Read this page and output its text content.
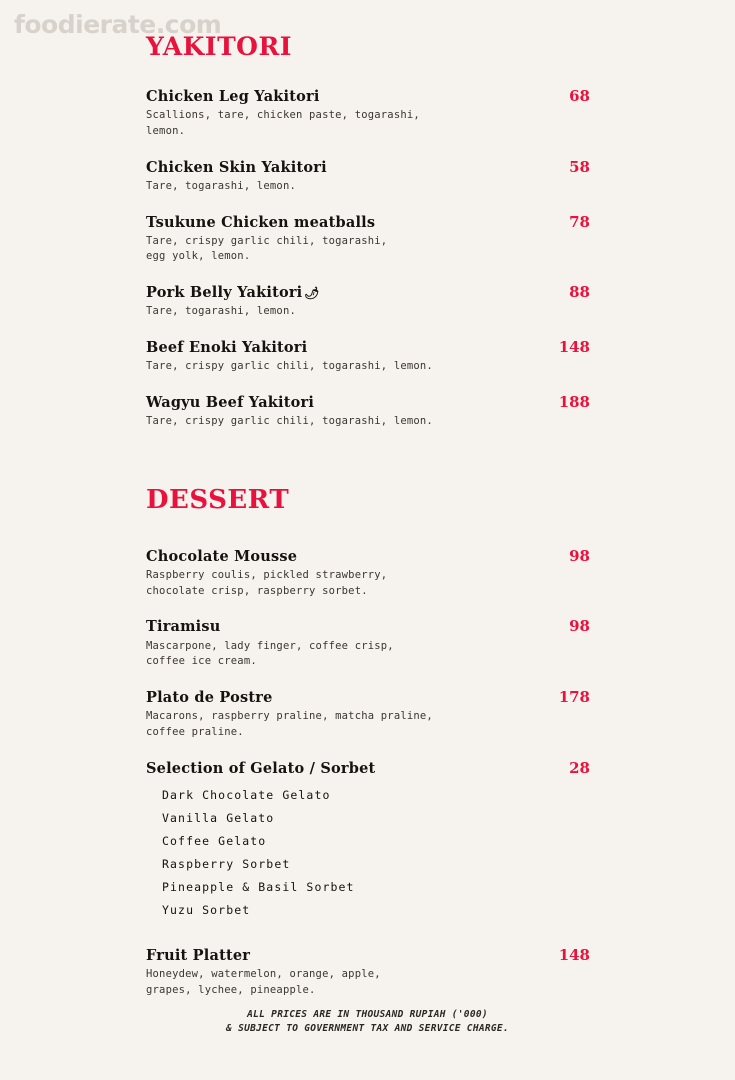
foodierate.com
YAKITORI
Chicken Leg Yakitori	68
Scallions, tare, chicken paste, togarashi,
lemon.
Chicken Skin Yakitori	58
Tare, togarashi, lemon.
Tsukune Chicken meatballs	78
Tare, crispy garlic chili, togarashi,
egg yolk, lemon.
Pork Belly Yakitori 🌶	88
Tare, togarashi, lemon.
Beef Enoki Yakitori	148
Tare, crispy garlic chili, togarashi, lemon.
Wagyu Beef Yakitori	188
Tare, crispy garlic chili, togarashi, lemon.
DESSERT
Chocolate Mousse	98
Raspberry coulis, pickled strawberry,
chocolate crisp, raspberry sorbet.
Tiramisu	98
Mascarpone, lady finger, coffee crisp,
coffee ice cream.
Plato de Postre	178
Macarons, raspberry praline, matcha praline,
coffee praline.
Selection of Gelato / Sorbet	28
Dark Chocolate Gelato
Vanilla Gelato
Coffee Gelato
Raspberry Sorbet
Pineapple & Basil Sorbet
Yuzu Sorbet
Fruit Platter	148
Honeydew, watermelon, orange, apple,
grapes, lychee, pineapple.
ALL PRICES ARE IN THOUSAND RUPIAH ('000)
& SUBJECT TO GOVERNMENT TAX AND SERVICE CHARGE.
